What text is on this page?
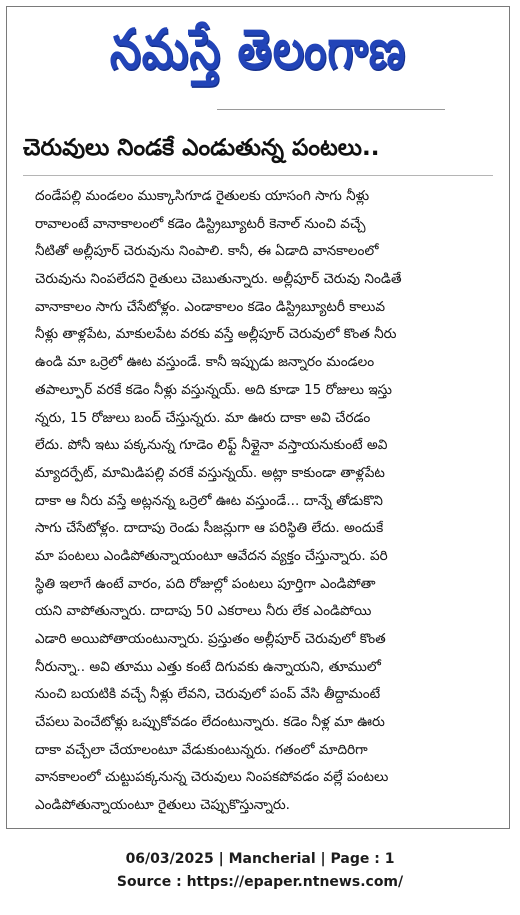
నమస్తే తెలంగాణ
చెరువులు నిండకే ఎండుతున్న పంటలు..
దండేపల్లి మండలం ముక్కాసిగూడ రైతులకు యాసంగి సాగు నీళ్లు
రావాలంటే వానాకాలంలో కడెం డిస్ట్రిబ్యూటరీ కెనాల్ నుంచి వచ్చే
నీటితో అల్లీపూర్ చెరువును నింపాలి. కానీ, ఈ ఏడాది వానకాలంలో
చెరువును నింపలేదని రైతులు చెబుతున్నారు. అల్లీపూర్ చెరువు నిండితే
వానాకాలం సాగు చేసేటోళ్లం. ఎండాకాలం కడెం డిస్ట్రిబ్యూటరీ కాలువ
నీళ్లు తాళ్లపేట, మాకులపేట వరకు వస్తే అల్లీపూర్ చెరువులో కొంత నీరు
ఉండి మా ఒర్రెలో ఊట వస్తుండే. కానీ ఇప్పుడు జన్నారం మండలం
తపాల్పూర్ వరకే కడెం నీళ్లు వస్తున్నయ్. అది కూడా 15 రోజులు ఇస్తు
న్నరు, 15 రోజులు బంద్ చేస్తున్నరు. మా ఊరు దాకా అవి చేరడం
లేదు. పోనీ ఇటు పక్కనున్న గూడెం లిఫ్ట్ నీళ్లైనా వస్తాయనుకుంటే అవి
మ్యాదర్పేట్, మామిడిపల్లి వరకే వస్తున్నయ్. అట్లా కాకుండా తాళ్లపేట
దాకా ఆ నీరు వస్తే అట్లనన్న ఒర్రెలో ఊట వస్తుండే... దాన్నే తోడుకొని
సాగు చేసేటోళ్లం. దాదాపు రెండు సీజన్లుగా ఆ పరిస్థితి లేదు. అందుకే
మా పంటలు ఎండిపోతున్నాయంటూ ఆవేదన వ్యక్తం చేస్తున్నారు. పరి
స్థితి ఇలాగే ఉంటే వారం, పది రోజుల్లో పంటలు పూర్తిగా ఎండిపోతా
యని వాపోతున్నారు. దాదాపు 50 ఎకరాలు నీరు లేక ఎండిపోయి
ఎడారి అయిపోతాయంటున్నారు. ప్రస్తుతం అల్లీపూర్ చెరువులో కొంత
నీరున్నా.. అవి తూము ఎత్తు కంటే దిగువకు ఉన్నాయని, తూములో
నుంచి బయటికి వచ్చే నీళ్లు లేవని, చెరువులో పంప్ వేసి తీద్దామంటే
చేపలు పెంచేటోళ్లు ఒప్పుకోవడం లేదంటున్నారు. కడెం నీళ్ల మా ఊరు
దాకా వచ్చేలా చేయాలంటూ వేడుకుంటున్నరు. గతంలో మాదిరిగా
వానకాలంలో చుట్టుపక్కనున్న చెరువులు నింపకపోవడం వల్లే పంటలు
ఎండిపోతున్నాయంటూ రైతులు చెప్పుకొస్తున్నారు.
06/03/2025 | Mancherial | Page : 1
Source : https://epaper.ntnews.com/
